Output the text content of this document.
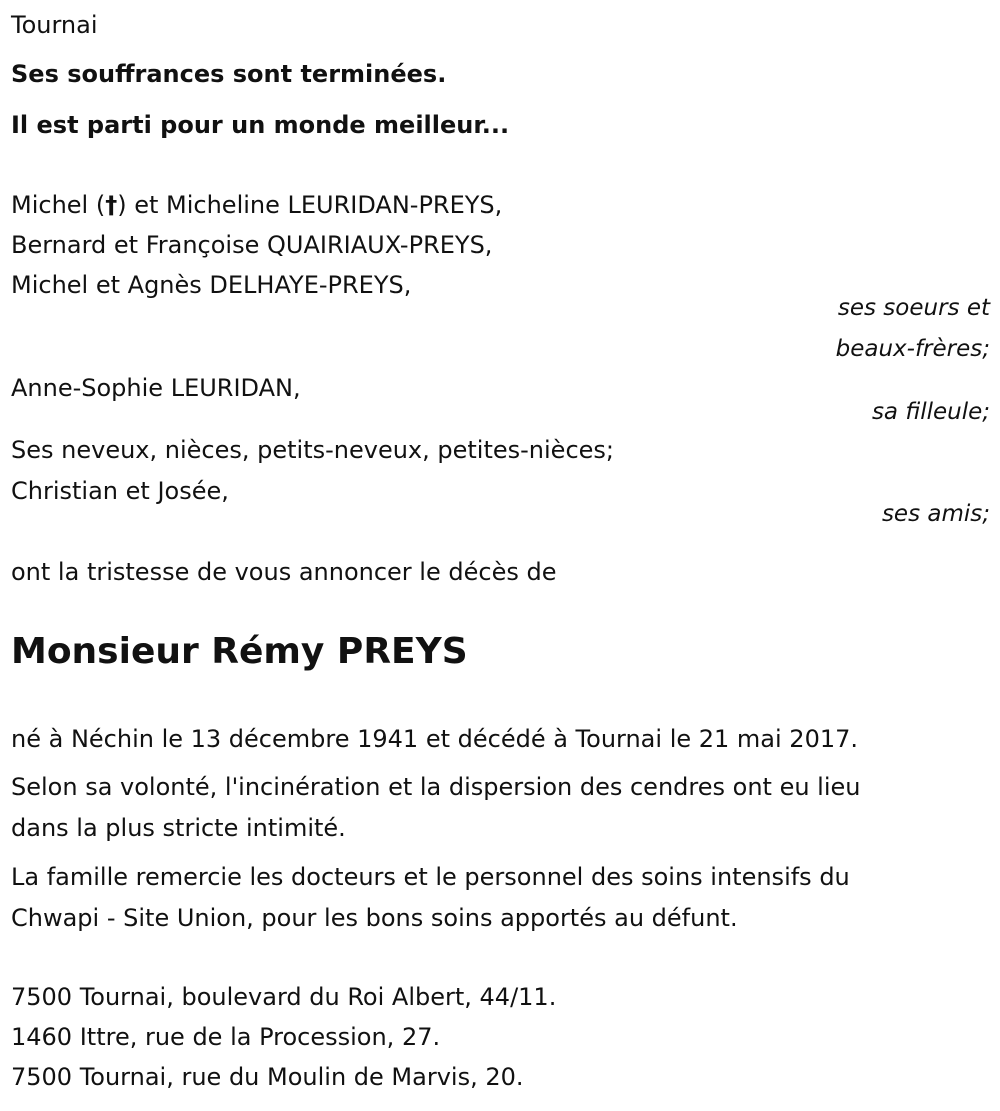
Tournai
Ses souffrances sont terminées.
Il est parti pour un monde meilleur...
Michel (†) et Micheline LEURIDAN-PREYS,
Bernard et Françoise QUAIRIAUX-PREYS,
Michel et Agnès DELHAYE-PREYS,
ses soeurs et
beaux-frères;
Anne-Sophie LEURIDAN,
sa filleule;
Ses neveux, nièces, petits-neveux, petites-nièces;
Christian et Josée,
ses amis;
ont la tristesse de vous annoncer le décès de
Monsieur Rémy PREYS
né à Néchin le 13 décembre 1941 et décédé à Tournai le 21 mai 2017.
Selon sa volonté, l'incinération et la dispersion des cendres ont eu lieu
dans la plus stricte intimité.
La famille remercie les docteurs et le personnel des soins intensifs du
Chwapi - Site Union, pour les bons soins apportés au défunt.
7500 Tournai, boulevard du Roi Albert, 44/11.
1460 Ittre, rue de la Procession, 27.
7500 Tournai, rue du Moulin de Marvis, 20.
